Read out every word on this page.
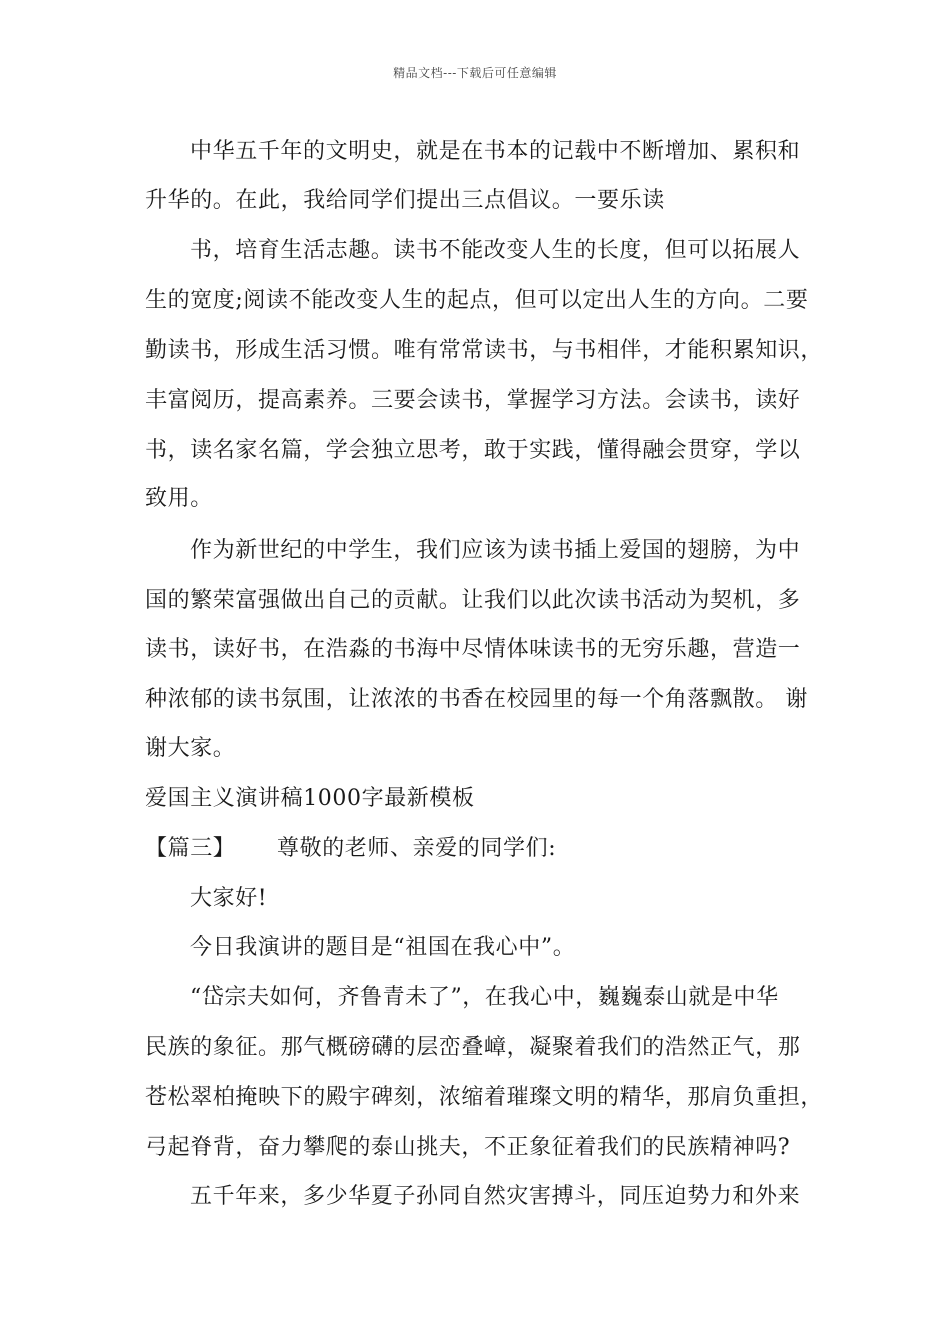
精品文档---下载后可任意编辑
中华五千年的文明史，就是在书本的记载中不断增加、累积和
升华的。在此，我给同学们提出三点倡议。一要乐读
书，培育生活志趣。读书不能改变人生的长度，但可以拓展人
生的宽度;阅读不能改变人生的起点，但可以定出人生的方向。二要
勤读书，形成生活习惯。唯有常常读书，与书相伴，才能积累知识，
丰富阅历，提高素养。三要会读书，掌握学习方法。会读书，读好
书，读名家名篇，学会独立思考，敢于实践，懂得融会贯穿，学以
致用。
作为新世纪的中学生，我们应该为读书插上爱国的翅膀，为中
国的繁荣富强做出自己的贡献。让我们以此次读书活动为契机，多
读书，读好书，在浩淼的书海中尽情体味读书的无穷乐趣，营造一
种浓郁的读书氛围，让浓浓的书香在校园里的每一个角落飘散。 谢
谢大家。
爱国主义演讲稿1000字最新模板
【篇三】 尊敬的老师、亲爱的同学们:
大家好!
今日我演讲的题目是“祖国在我心中”。
“岱宗夫如何，齐鲁青未了”，在我心中，巍巍泰山就是中华
民族的象征。那气概磅礴的层峦叠嶂，凝聚着我们的浩然正气，那
苍松翠柏掩映下的殿宇碑刻，浓缩着璀璨文明的精华，那肩负重担，
弓起脊背，奋力攀爬的泰山挑夫，不正象征着我们的民族精神吗?
五千年来，多少华夏子孙同自然灾害搏斗，同压迫势力和外来
